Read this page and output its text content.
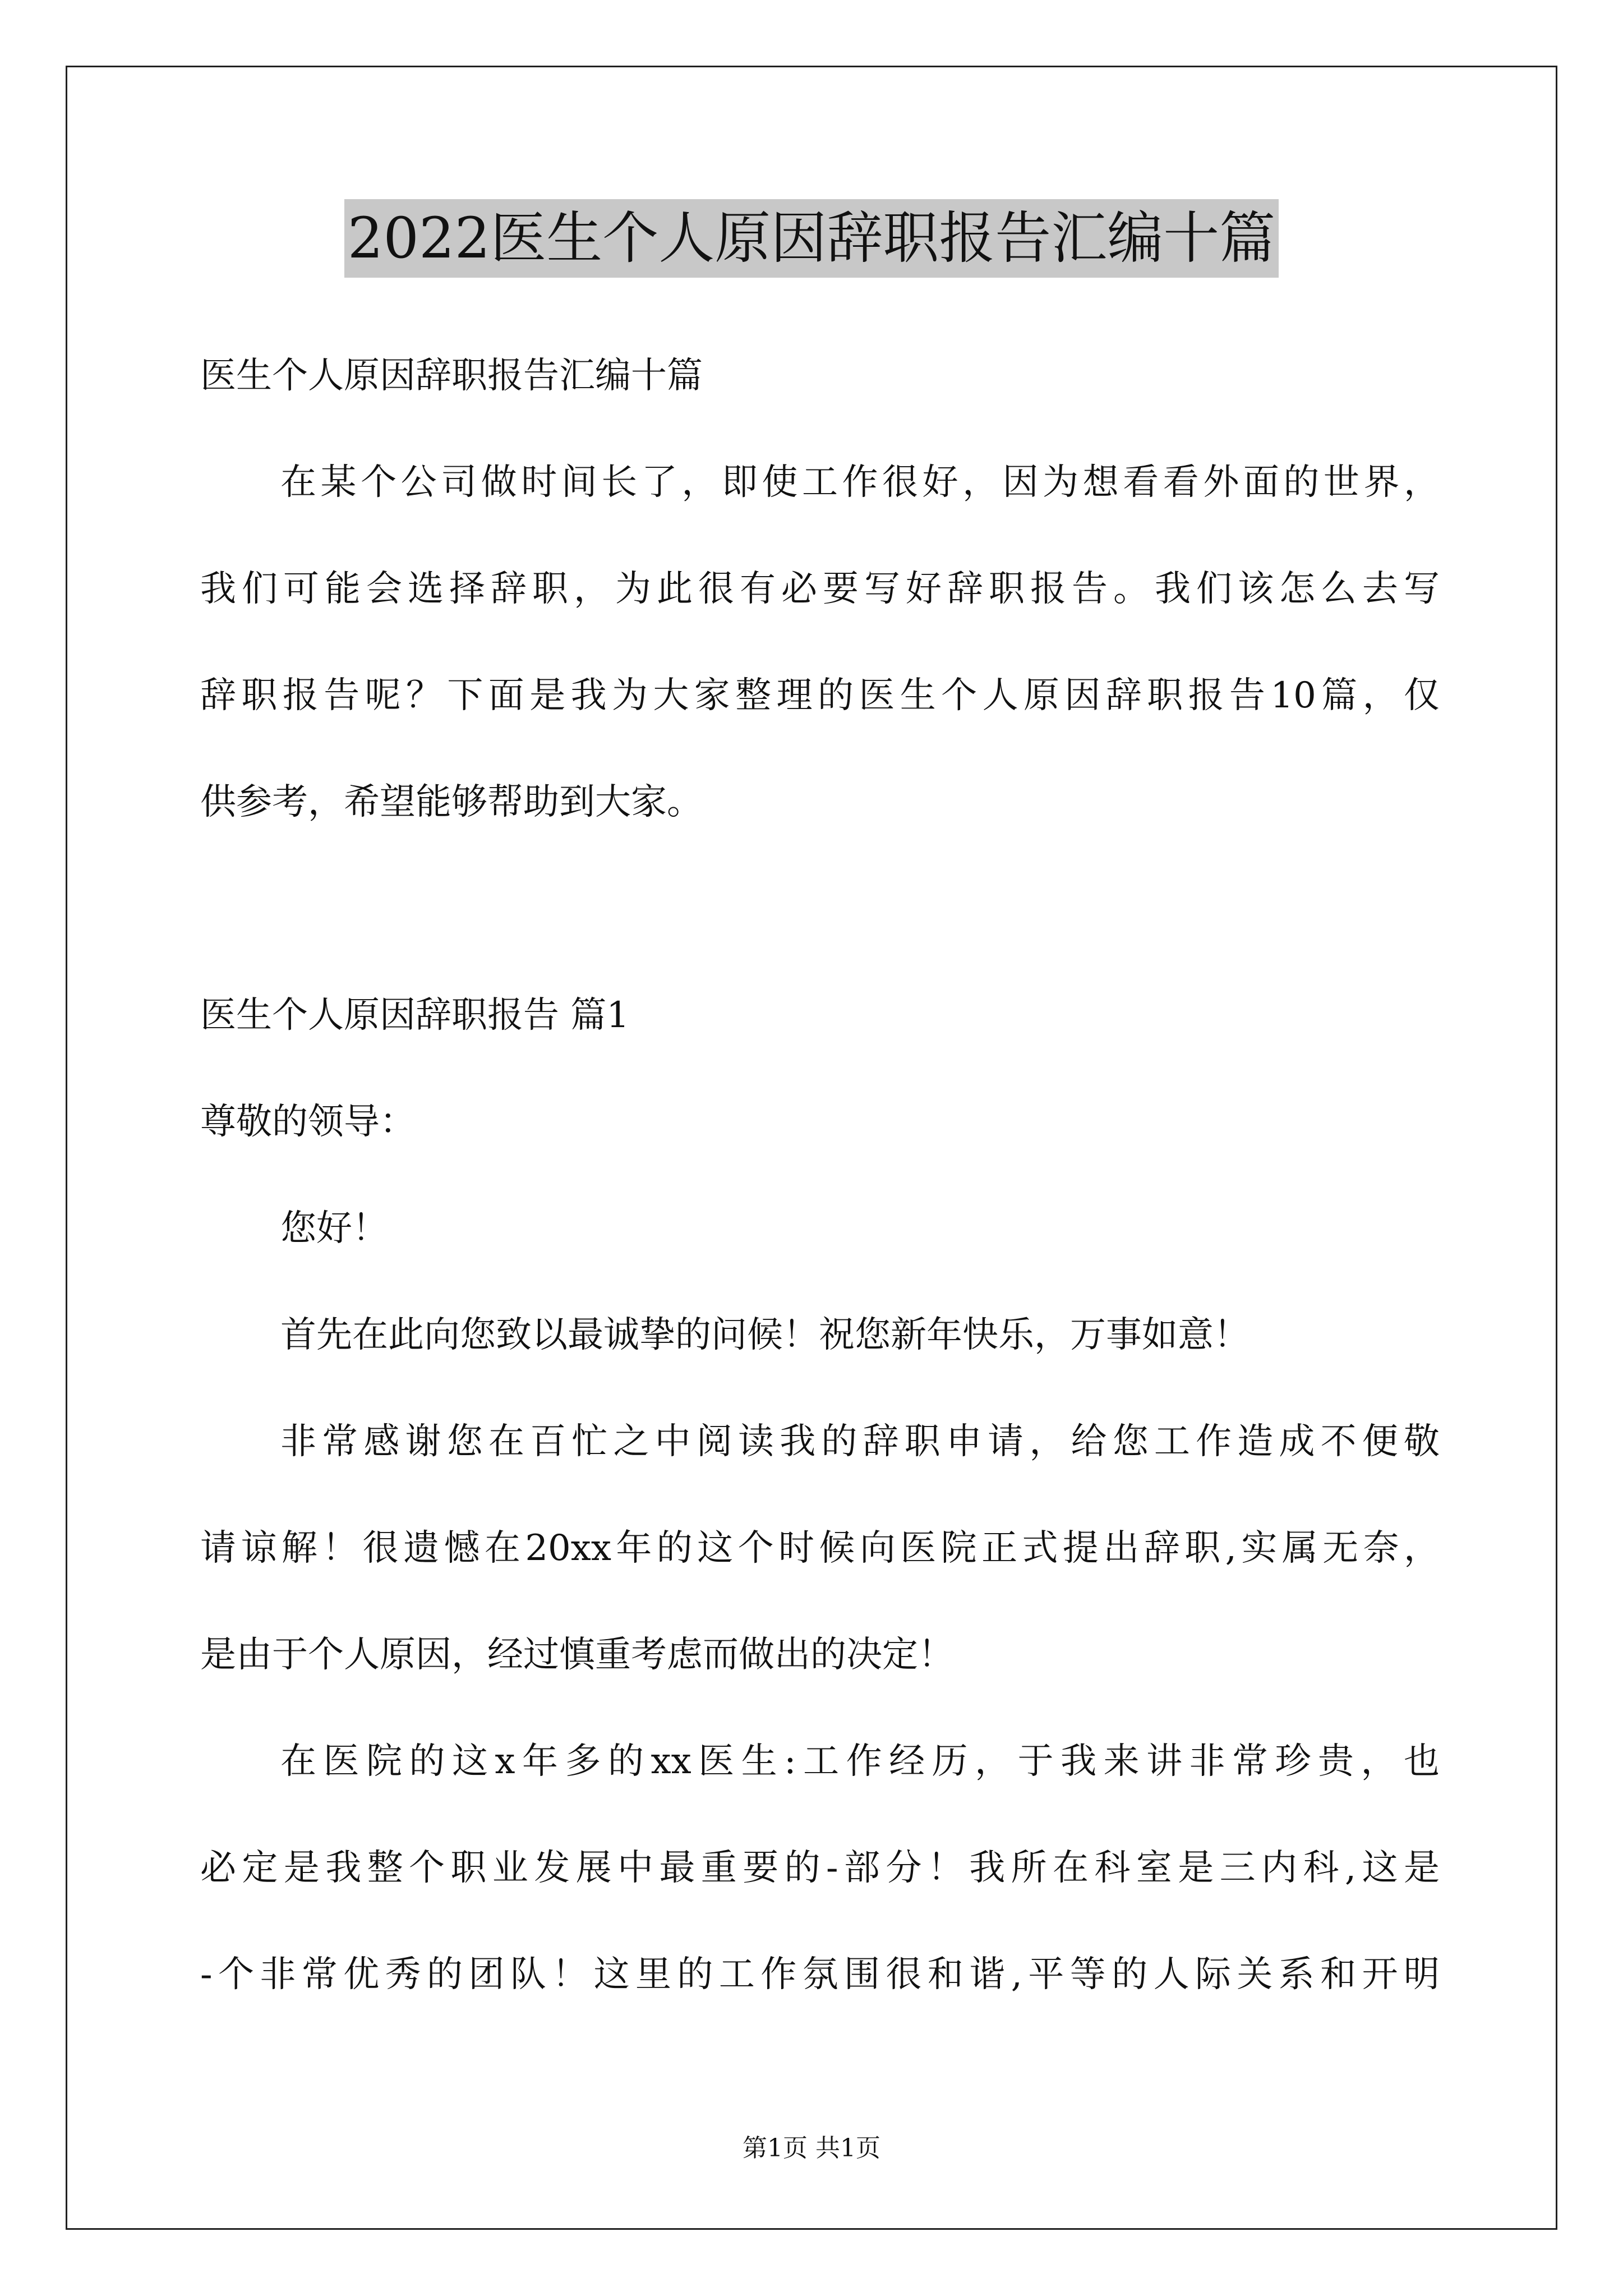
2022医生个人原因辞职报告汇编十篇
医生个人原因辞职报告汇编十篇
在某个公司做时间长了，即使工作很好，因为想看看外面的世界，
我们可能会选择辞职，为此很有必要写好辞职报告。我们该怎么去写
辞职报告呢？下面是我为大家整理的医生个人原因辞职报告10篇，仅
供参考，希望能够帮助到大家。
医生个人原因辞职报告 篇1
尊敬的领导：
您好！
首先在此向您致以最诚挚的问候！祝您新年快乐，万事如意！
非常感谢您在百忙之中阅读我的辞职申请，给您工作造成不便敬
请谅解！很遗憾在20xx年的这个时候向医院正式提出辞职,实属无奈，
是由于个人原因，经过慎重考虑而做出的决定！
在医院的这x年多的xx医生:工作经历，于我来讲非常珍贵，也
必定是我整个职业发展中最重要的-部分！我所在科室是三内科,这是
-个非常优秀的团队！这里的工作氛围很和谐,平等的人际关系和开明
第1页 共1页
